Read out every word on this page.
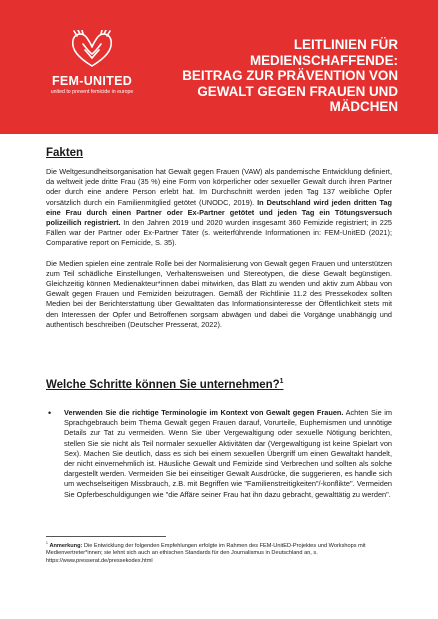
FEM-UNITED
united to prevent femicide in europe
LEITLINIEN FÜR
MEDIENSCHAFFENDE:
BEITRAG ZUR PRÄVENTION VON
GEWALT GEGEN FRAUEN UND
MÄDCHEN
Fakten

Die Weltgesundheitsorganisation hat Gewalt gegen Frauen (VAW) als pandemische Entwicklung definiert, da weltweit jede dritte Frau (35 %) eine Form von körperlicher oder sexueller Gewalt durch ihren Partner oder durch eine andere Person erlebt hat. Im Durchschnitt werden jeden Tag 137 weibliche Opfer vorsätzlich durch ein Familienmitglied getötet (UNODC, 2019). In Deutschland wird jeden dritten Tag eine Frau durch einen Partner oder Ex-Partner getötet und jeden Tag ein Tötungsversuch polizeilich registriert. In den Jahren 2019 und 2020 wurden insgesamt 360 Femizide registriert; in 225 Fällen war der Partner oder Ex-Partner Täter (s. weiterführende Informationen in: FEM-UnitED (2021); Comparative report on Femicide, S. 35).

Die Medien spielen eine zentrale Rolle bei der Normalisierung von Gewalt gegen Frauen und unterstützen zum Teil schädliche Einstellungen, Verhaltensweisen und Stereotypen, die diese Gewalt begünstigen. Gleichzeitig können Medienakteur*innen dabei mitwirken, das Blatt zu wenden und aktiv zum Abbau von Gewalt gegen Frauen und Femiziden beizutragen. Gemäß der Richtlinie 11.2 des Pressekodex sollten Medien bei der Berichterstattung über Gewalttaten das Informationsinteresse der Öffentlichkeit stets mit den Interessen der Opfer und Betroffenen sorgsam abwägen und dabei die Vorgänge unabhängig und authentisch beschreiben (Deutscher Presserat, 2022).

Welche Schritte können Sie unternehmen?$^1$
• Verwenden Sie die richtige Terminologie im Kontext von Gewalt gegen Frauen. Achten Sie im Sprachgebrauch beim Thema Gewalt gegen Frauen darauf, Vorurteile, Euphemismen und unnötige Details zur Tat zu vermeiden. Wenn Sie über Vergewaltigung oder sexuelle Nötigung berichten, stellen Sie sie nicht als Teil normaler sexueller Aktivitäten dar (Vergewaltigung ist keine Spielart von Sex). Machen Sie deutlich, dass es sich bei einem sexuellen Übergriff um einen Gewaltakt handelt, der nicht einvernehmlich ist. Häusliche Gewalt und Femizide sind Verbrechen und sollten als solche dargestellt werden. Vermeiden Sie bei einseitiger Gewalt Ausdrücke, die suggerieren, es handle sich um wechselseitigen Missbrauch, z.B. mit Begriffen wie "Familienstreitigkeiten"/-konflikte". Vermeiden Sie Opferbeschuldigungen wie "die Affäre seiner Frau hat ihn dazu gebracht, gewalttätig zu werden".
$^1$ Anmerkung: Die Entwicklung der folgenden Empfehlungen erfolgte im Rahmen des FEM-UnitED-Projektes und Workshops mit Medienvertreter*innen; sie lehnt sich auch an ethischen Standards für den Journalismus in Deutschland an, s. https://www.presserat.de/pressekodex.html
